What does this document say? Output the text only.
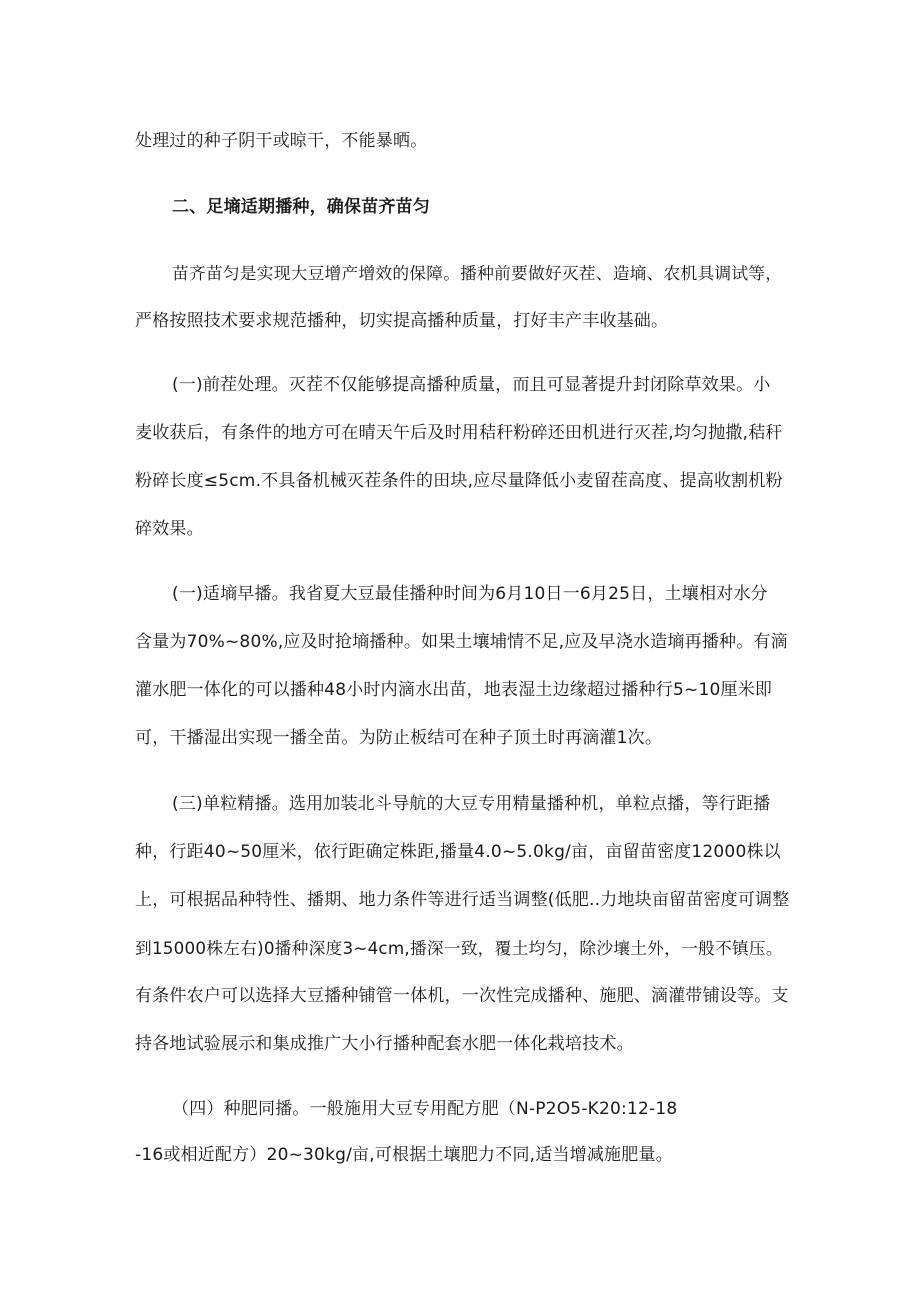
处理过的种子阴干或晾干，不能暴晒。
二、足墒适期播种，确保苗齐苗匀
苗齐苗匀是实现大豆增产增效的保障。播种前要做好灭茬、造墒、农机具调试等，
严格按照技术要求规范播种，切实提高播种质量，打好丰产丰收基础。
(一)前茬处理。灭茬不仅能够提高播种质量，而且可显著提升封闭除草效果。小
麦收获后，有条件的地方可在晴天午后及时用秸秆粉碎还田机进行灭茬,均匀抛撒,秸秆
粉碎长度≤5cm.不具备机械灭茬条件的田块,应尽量降低小麦留茬高度、提高收割机粉
碎效果。
(一)适墒早播。我省夏大豆最佳播种时间为6月10日一6月25日，土壤相对水分
含量为70%~80%,应及时抢墒播种。如果土壤埔情不足,应及早浇水造墒再播种。有滴
灌水肥一体化的可以播种48小时内滴水出苗，地表湿土边缘超过播种行5~10厘米即
可，干播湿出实现一播全苗。为防止板结可在种子顶土时再滴灌1次。
(三)单粒精播。选用加装北斗导航的大豆专用精量播种机，单粒点播，等行距播
种，行距40~50厘米，依行距确定株距,播量4.0~5.0kg/亩，亩留苗密度12000株以
上，可根据品种特性、播期、地力条件等进行适当调整(低肥..力地块亩留苗密度可调整
到15000株左右)0播种深度3~4cm,播深一致，覆土均匀，除沙壤土外，一般不镇压。
有条件农户可以选择大豆播种铺管一体机，一次性完成播种、施肥、滴灌带铺设等。支
持各地试验展示和集成推广大小行播种配套水肥一体化栽培技术。
（四）种肥同播。一般施用大豆专用配方肥（N-P2O5-K20:12-18
-16或相近配方）20~30kg/亩,可根据土壤肥力不同,适当增减施肥量。
